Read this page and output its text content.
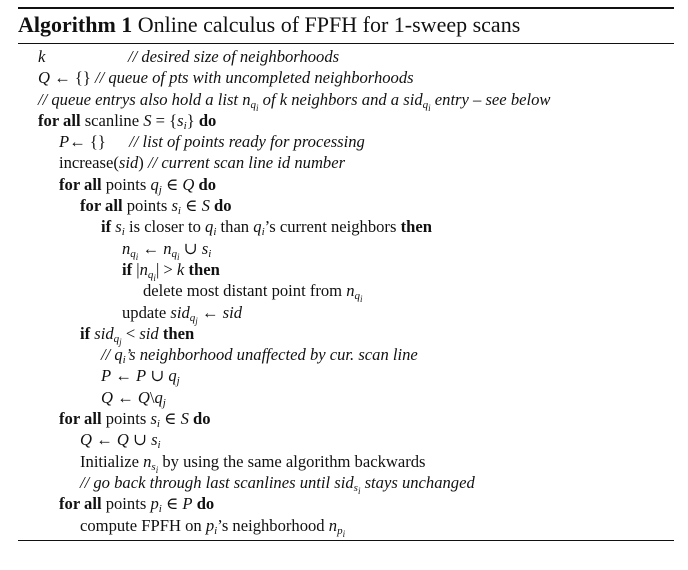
Algorithm 1 Online calculus of FPFH for 1-sweep scans
k	// desired size of neighborhoods
Q ← {} // queue of pts with uncompleted neighborhoods
// queue entrys also hold a list $n_{q_i}$ of k neighbors and a sid$_{q_i}$ entry – see below
for all scanline $S = \{s_i\}$ do
P← {} // list of points ready for processing
increase(sid) // current scan line id number
for all points $q_j$ ∈ Q do
for all points $s_i$ ∈ S do
if $s_i$ is closer to $q_i$ than $q_i’s$ current neighbors then
$n_{q_i}$ ← $n_{q_i}$ ∪ $s_i$
if $|n_{q_i}| > k$ then
delete most distant point from $n_{q_i}$
update sid$_{q_j}$ ← sid
if sid$_{q_j}$ < sid then
// $q_i’s$ neighborhood unaffected by cur. scan line
P ← P ∪ $q_j$
Q ← $Q\backslash q_j$
for all points $s_i$ ∈ S do
Q ← Q ∪ $s_i$
Initialize $n_{s_i}$ by using the same algorithm backwards
// go back through last scanlines until sid$_{s_i}$ stays unchanged
for all points $p_i$ ∈ P do
compute FPFH on $p_i’s$ neighborhood $n_{p_i}$
